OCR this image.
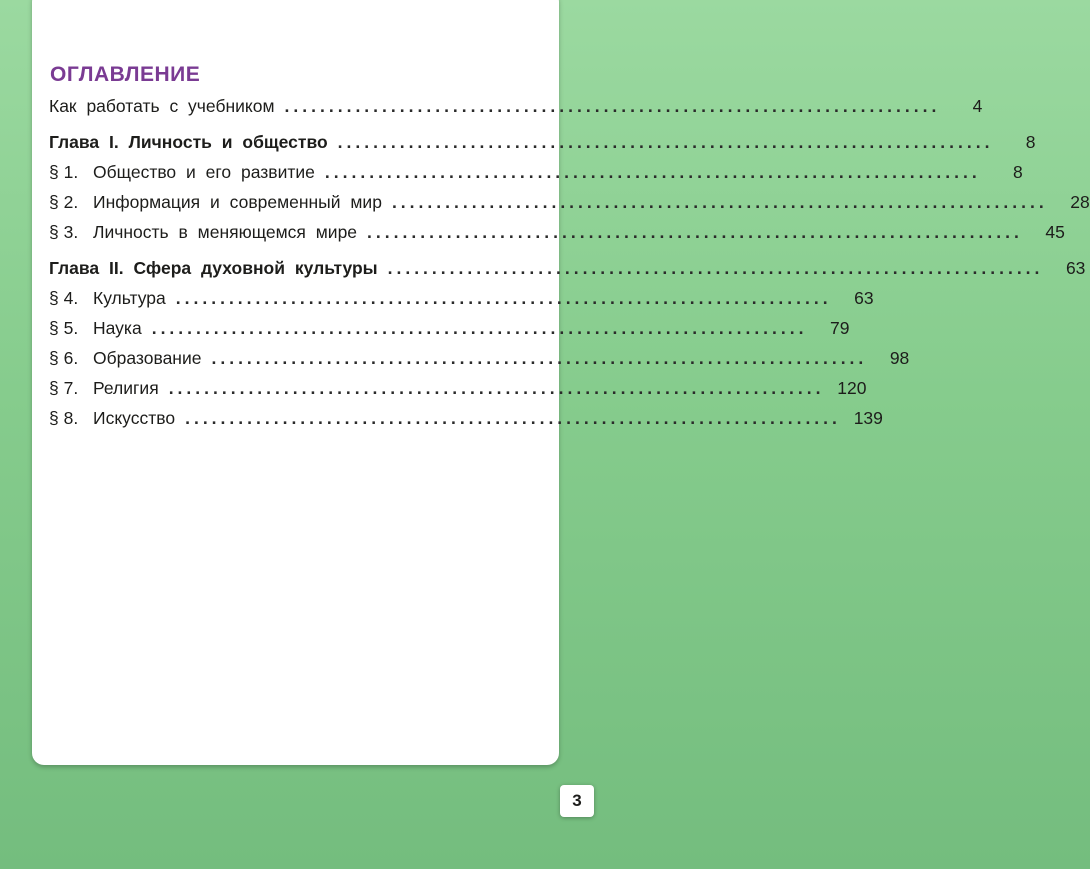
ОГЛАВЛЕНИЕ
Как работать с учебником ..........................................................................	4
Глава I. Личность и общество ..........................................................................	8
§ 1. Общество и его развитие ..........................................................................	8
§ 2. Информация и современный мир ..........................................................................	28
§ 3. Личность в меняющемся мире ..........................................................................	45
Глава II. Сфера духовной культуры ..........................................................................	63
§ 4. Культура ..........................................................................	63
§ 5. Наука ..........................................................................	79
§ 6. Образование ..........................................................................	98
§ 7. Религия .......................................................................... 120
§ 8. Искусство .......................................................................... 139
3
